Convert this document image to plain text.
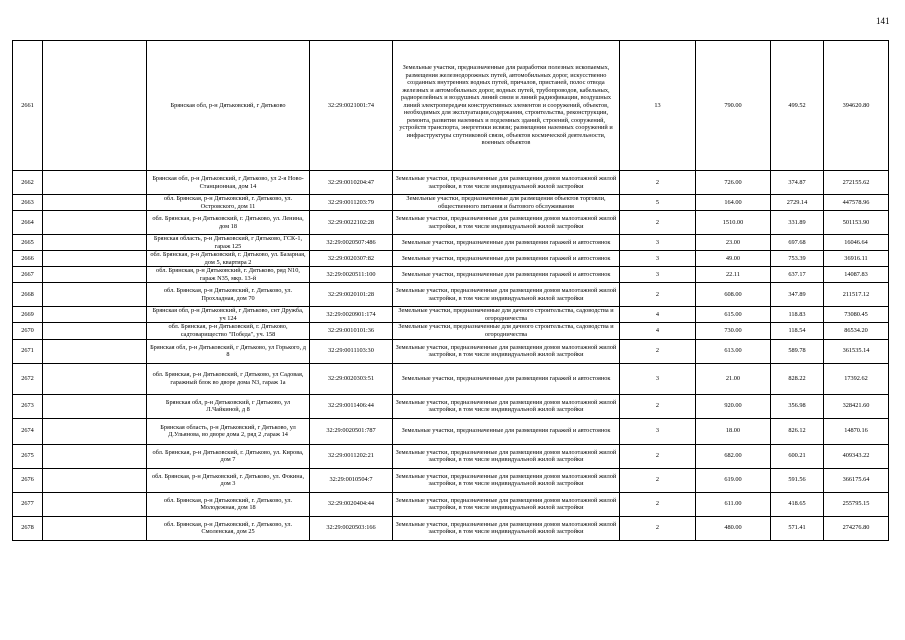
141
2661		Брянская обл, р-н Дятьковский, г Дятьково	32:29:0021001:74	Земельные участки, предназначенные для разработки полезных ископаемых, размещения железнодорожных путей, автомобильных дорог, искусственно созданных внутренних водных путей, причалов, пристаней, полос отвода железных и автомобильных дорог, водных путей, трубопроводов, кабельных, радиорелейных и воздушных линий связи и линий радиофикации, воздушных линий электропередачи конструктивных элементов и сооружений, объектов, необходимых для эксплуатации,содержания, строительства, реконструкции, ремонта, развития наземных и подземных зданий, строений, сооружений, устройств транспорта, энергетики исвязи; размещения наземных сооружений и инфраструктуры спутниковой связи, объектов космической деятельности, военных объектов	13	790.00	499.52	394620.80
2662		Брянская обл, р-н Дятьковский, г Дятьково, ул 2-я Ново-Станционная, дом 14	32:29:0010204:47	Земельные участки, предназначенные для размещения домов малоэтажной жилой застройки, в том числе индивидуальной жилой застройки	2	726.00	374.87	272155.62
2663		обл. Брянская, р-н Дятьковский, г. Дятьково, ул. Островского, дом 11	32:29:0011203:79	Земельные участки, предназначенные для размещения объектов торговли, общественного питания и бытового обслуживания	5	164.00	2729.14	447578.96
2664		обл. Брянская, р-н Дятьковский, г. Дятьково, ул. Ленина, дом 18	32:29:0022102:28	Земельные участки, предназначенные для размещения домов малоэтажной жилой застройки, в том числе индивидуальной жилой застройки	2	1510.00	331.89	501153.90
2665		Брянская область, р-н Дятьковский, г Дятьково, ГСК-1, гараж 125	32:29:0020507:486	Земельные участки, предназначенные для размещения гаражей и автостоянок	3	23.00	697.68	16046.64
2666		обл. Брянская, р-н Дятьковский, г. Дятьково, ул. Базарная, дом 5, квартира 2	32:29:0020307:82	Земельные участки, предназначенные для размещения гаражей и автостоянок	3	49.00	753.39	36916.11
2667		обл. Брянская, р-н Дятьковский, г. Дятьково, ряд N10, гараж N35, мкр. 13-й	32:29:0020511:100	Земельные участки, предназначенные для размещения гаражей и автостоянок	3	22.11	637.17	14087.83
2668		обл. Брянская, р-н Дятьковский, г. Дятьково, ул. Прохладная, дом 70	32:29:0020101:28	Земельные участки, предназначенные для размещения домов малоэтажной жилой застройки, в том числе индивидуальной жилой застройки	2	608.00	347.89	211517.12
2669		Брянская обл, р-н Дятьковский, г Дятьково, снт Дружба, уч 124	32:29:0020901:174	Земельные участки, предназначенные для дачного строительства, садоводства и огородничества	4	615.00	118.83	73080.45
2670		обл. Брянская, р-н Дятьковский, г. Дятьково, садтоварищество "Победа", уч. 158	32:29:0010101:36	Земельные участки, предназначенные для дачного строительства, садоводства и огородничества	4	730.00	118.54	86534.20
2671		Брянская обл, р-н Дятьковский, г Дятьково, ул Горького, д 8	32:29:0011103:30	Земельные участки, предназначенные для размещения домов малоэтажной жилой застройки, в том числе индивидуальной жилой застройки	2	613.00	589.78	361535.14
2672		обл. Брянская, р-н Дятьковский, г Дятьково, ул Садовая, гаражный блок во дворе дома N3, гараж 1а	32:29:0020303:51	Земельные участки, предназначенные для размещения гаражей и автостоянок	3	21.00	828.22	17392.62
2673		Брянская обл, р-н Дятьковский, г Дятьково, ул Л.Чайкиной, д 8	32:29:0011406:44	Земельные участки, предназначенные для размещения домов малоэтажной жилой застройки, в том числе индивидуальной жилой застройки	2	920.00	356.98	328421.60
2674		Брянская область, р-н Дятьковский, г Дятьково, ул Д.Ульянова, во дворе дома 2, ряд 2 ,гараж 14	32:29:0020501:787	Земельные участки, предназначенные для размещения гаражей и автостоянок	3	18.00	826.12	14870.16
2675		обл. Брянская, р-н Дятьковский, г. Дятьково, ул. Кирова, дом 7	32:29:0011202:21	Земельные участки, предназначенные для размещения домов малоэтажной жилой застройки, в том числе индивидуальной жилой застройки	2	682.00	600.21	409343.22
2676		обл. Брянская, р-н Дятьковский, г. Дятьково, ул. Фокина, дом 3	32:29:0010504:7	Земельные участки, предназначенные для размещения домов малоэтажной жилой застройки, в том числе индивидуальной жилой застройки	2	619.00	591.56	366175.64
2677		обл. Брянская, р-н Дятьковский, г. Дятьково, ул. Молодежная, дом 18	32:29:0020404:44	Земельные участки, предназначенные для размещения домов малоэтажной жилой застройки, в том числе индивидуальной жилой застройки	2	611.00	418.65	255795.15
2678		обл. Брянская, р-н Дятьковский, г. Дятьково, ул. Смоленская, дом 25	32:29:0020503:166	Земельные участки, предназначенные для размещения домов малоэтажной жилой застройки, в том числе индивидуальной жилой застройки	2	480.00	571.41	274276.80
